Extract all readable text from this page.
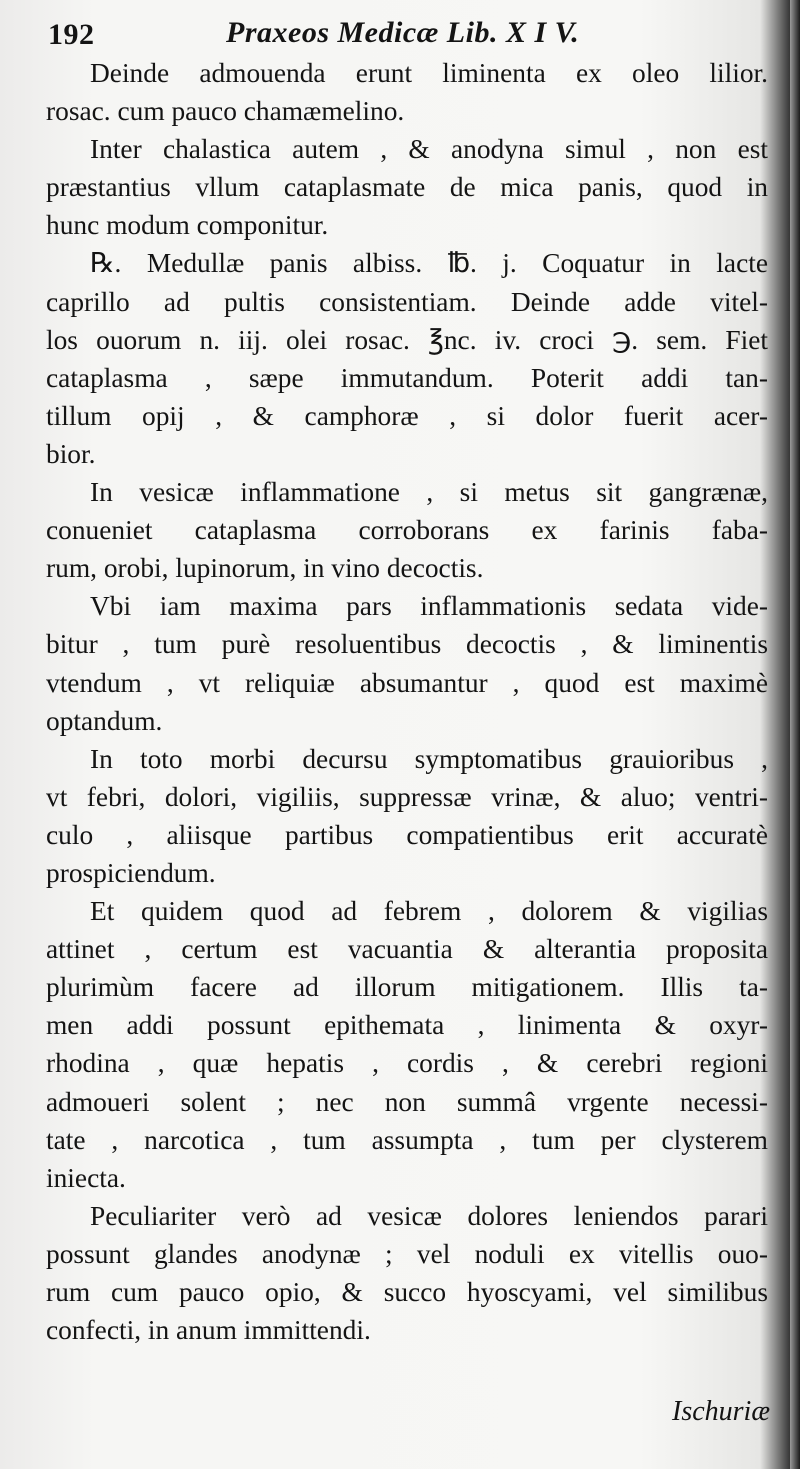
192	Praxeos Medicæ Lib. X I V.
Deinde admouenda erunt liminenta ex oleo lilior.
rosac. cum pauco chamæmelino.
Inter chalastica autem , & anodyna simul , non est
præstantius vllum cataplasmate de mica panis, quod in
hunc modum componitur.
℞. Medullæ panis albiss. ℔. j. Coquatur in lacte
caprillo ad pultis consistentiam. Deinde adde vitel-
los ouorum n. iij. olei rosac. ℥nc. iv. croci ℈. sem. Fiet
cataplasma , sæpe immutandum. Poterit addi tan-
tillum opij , & camphoræ , si dolor fuerit acer-
bior.
In vesicæ inflammatione , si metus sit gangrænæ,
conueniet cataplasma corroborans ex farinis faba-
rum, orobi, lupinorum, in vino decoctis.
Vbi iam maxima pars inflammationis sedata vide-
bitur , tum purè resoluentibus decoctis , & liminentis
vtendum , vt reliquiæ absumantur , quod est maximè
optandum.
In toto morbi decursu symptomatibus grauioribus ,
vt febri, dolori, vigiliis, suppressæ vrinæ, & aluo; ventri-
culo , aliisque partibus compatientibus erit accuratè
prospiciendum.
Et quidem quod ad febrem , dolorem & vigilias
attinet , certum est vacuantia & alterantia proposita
plurimùm facere ad illorum mitigationem. Illis ta-
men addi possunt epithemata , linimenta & oxyr-
rhodina , quæ hepatis , cordis , & cerebri regioni
admoueri solent ; nec non summâ vrgente necessi-
tate , narcotica , tum assumpta , tum per clysterem
iniecta.
Peculiariter verò ad vesicæ dolores leniendos parari
possunt glandes anodynæ ; vel noduli ex vitellis ouo-
rum cum pauco opio, & succo hyoscyami, vel similibus
confecti, in anum immittendi.
Ischuriæ
